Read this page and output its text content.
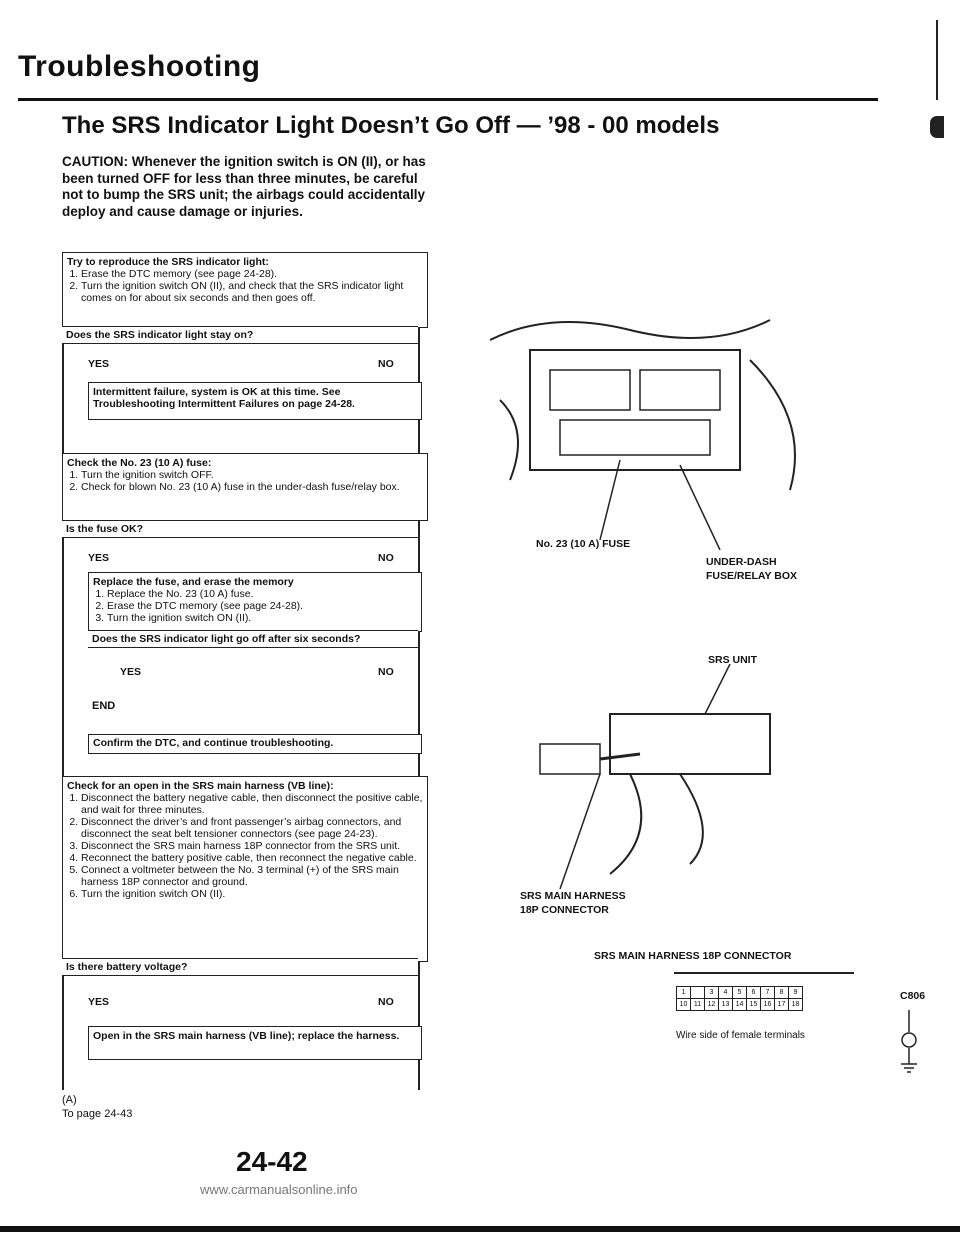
Troubleshooting
The SRS Indicator Light Doesn’t Go Off — ’98 - 00 models
CAUTION: Whenever the ignition switch is ON (II), or has been turned OFF for less than three minutes, be careful not to bump the SRS unit; the airbags could accidentally deploy and cause damage or injuries.
Try to reproduce the SRS indicator light:
1. Erase the DTC memory (see page 24-28).
2. Turn the ignition switch ON (II), and check that the SRS indicator light comes on for about six seconds and then goes off.
Does the SRS indicator light stay on?
YES	NO
Intermittent failure, system is OK at this time. See Troubleshooting Intermittent Failures on page 24-28.
Check the No. 23 (10 A) fuse:
1. Turn the ignition switch OFF.
2. Check for blown No. 23 (10 A) fuse in the under-dash fuse/relay box.
Is the fuse OK?
YES	NO
Replace the fuse, and erase the memory
1. Replace the No. 23 (10 A) fuse.
2. Erase the DTC memory (see page 24-28).
3. Turn the ignition switch ON (II).
Does the SRS indicator light go off after six seconds?
YES	NO
END
Confirm the DTC, and continue troubleshooting.
Check for an open in the SRS main harness (VB line):
1. Disconnect the battery negative cable, then disconnect the positive cable, and wait for three minutes.
2. Disconnect the driver’s and front passenger’s airbag connectors, and disconnect the seat belt tensioner connectors (see page 24-23).
3. Disconnect the SRS main harness 18P connector from the SRS unit.
4. Reconnect the battery positive cable, then reconnect the negative cable.
5. Connect a voltmeter between the No. 3 terminal (+) of the SRS main harness 18P connector and ground.
6. Turn the ignition switch ON (II).
Is there battery voltage?
YES	NO
Open in the SRS main harness (VB line); replace the harness.
(A)
To page 24-43
No. 23 (10 A) FUSE
UNDER-DASH
FUSE/RELAY BOX
SRS UNIT
SRS MAIN HARNESS
18P CONNECTOR
SRS MAIN HARNESS 18P CONNECTOR
1		3	4	5	6	7	8	9
10	11	12	13	14	15	16	17	18
C806
Wire side of female terminals
24-42
www.carmanualsonline.info
